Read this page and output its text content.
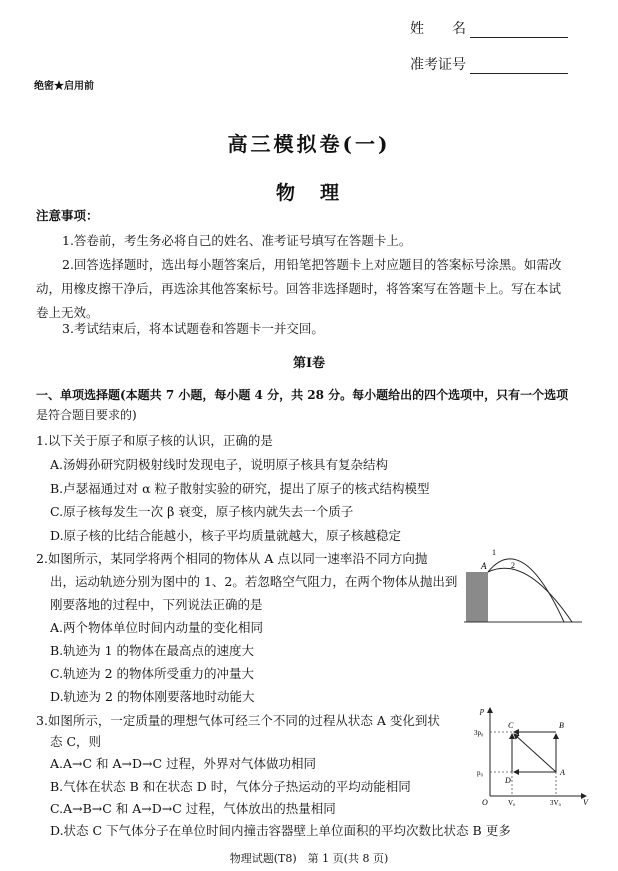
姓　　名
准考证号
绝密★启用前
高三模拟卷(一)
物　理
注意事项：
1.答卷前，考生务必将自己的姓名、准考证号填写在答题卡上。
2.回答选择题时，选出每小题答案后，用铅笔把答题卡上对应题目的答案标号涂黑。如需改
动，用橡皮擦干净后，再选涂其他答案标号。回答非选择题时，将答案写在答题卡上。写在本试
卷上无效。
3.考试结束后，将本试题卷和答题卡一并交回。
第Ⅰ卷
一、单项选择题(本题共 7 小题，每小题 4 分，共 28 分。每小题给出的四个选项中，只有一个选项
是符合题目要求的)
1.以下关于原子和原子核的认识，正确的是
A.汤姆孙研究阴极射线时发现电子，说明原子核具有复杂结构
B.卢瑟福通过对 α 粒子散射实验的研究，提出了原子的核式结构模型
C.原子核每发生一次 β 衰变，原子核内就失去一个质子
D.原子核的比结合能越小，核子平均质量就越大，原子核越稳定
2.如图所示，某同学将两个相同的物体从 A 点以同一速率沿不同方向抛
出，运动轨迹分别为图中的 1、2。若忽略空气阻力，在两个物体从抛出到
刚要落地的过程中，下列说法正确的是
A.两个物体单位时间内动量的变化相同
B.轨迹为 1 的物体在最高点的速度大
C.轨迹为 2 的物体所受重力的冲量大
D.轨迹为 2 的物体刚要落地时动能大
A
1
2
3.如图所示，一定质量的理想气体可经三个不同的过程从状态 A 变化到状
态 C，则
A.A→C 和 A→D→C 过程，外界对气体做功相同
B.气体在状态 B 和在状态 D 时，气体分子热运动的平均动能相同
C.A→B→C 和 A→D→C 过程，气体放出的热量相同
D.状态 C 下气体分子在单位时间内撞击容器壁上单位面积的平均次数比状态 B 更多
p
V
O
3p₀
p₀
V₀	3V₀
C	B
D
A
物理试题(T8)　第 1 页(共 8 页)
